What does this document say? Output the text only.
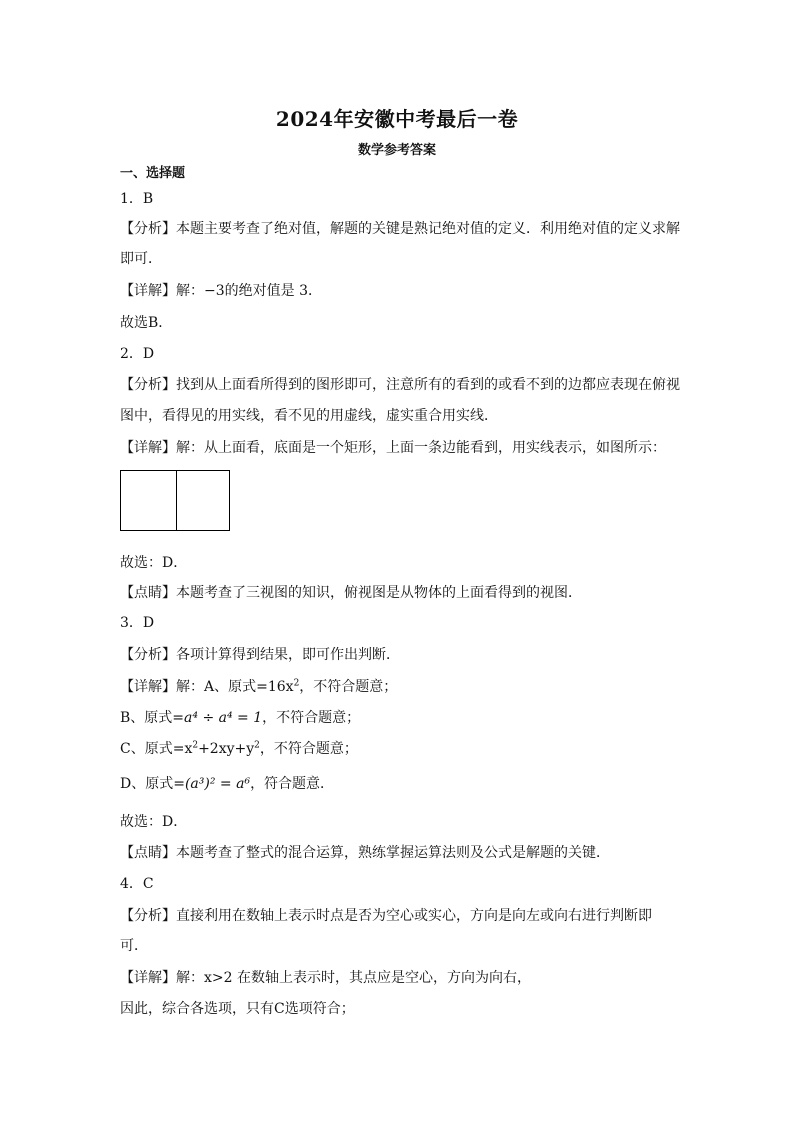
2024年安徽中考最后一卷
数学参考答案
一、选择题
1．B
【分析】本题主要考查了绝对值，解题的关键是熟记绝对值的定义．利用绝对值的定义求解
即可．
【详解】解：−3的绝对值是 3．
故选B．
2．D
【分析】找到从上面看所得到的图形即可，注意所有的看到的或看不到的边都应表现在俯视
图中，看得见的用实线，看不见的用虚线，虚实重合用实线．
【详解】解：从上面看，底面是一个矩形，上面一条边能看到，用实线表示，如图所示：
故选：D．
【点睛】本题考查了三视图的知识，俯视图是从物体的上面看得到的视图．
3．D
【分析】各项计算得到结果，即可作出判断．
【详解】解：A、原式$=16x^2$，不符合题意；
B、原式=a⁴ ÷ a⁴ = 1，不符合题意；
C、原式$=x^2+2xy+y^2$，不符合题意；
D、原式=(a³)² = a⁶，符合题意．
故选：D．
【点睛】本题考查了整式的混合运算，熟练掌握运算法则及公式是解题的关键．
4．C
【分析】直接利用在数轴上表示时点是否为空心或实心，方向是向左或向右进行判断即
可．
【详解】解：x>2 在数轴上表示时，其点应是空心，方向为向右，
因此，综合各选项，只有C选项符合；
